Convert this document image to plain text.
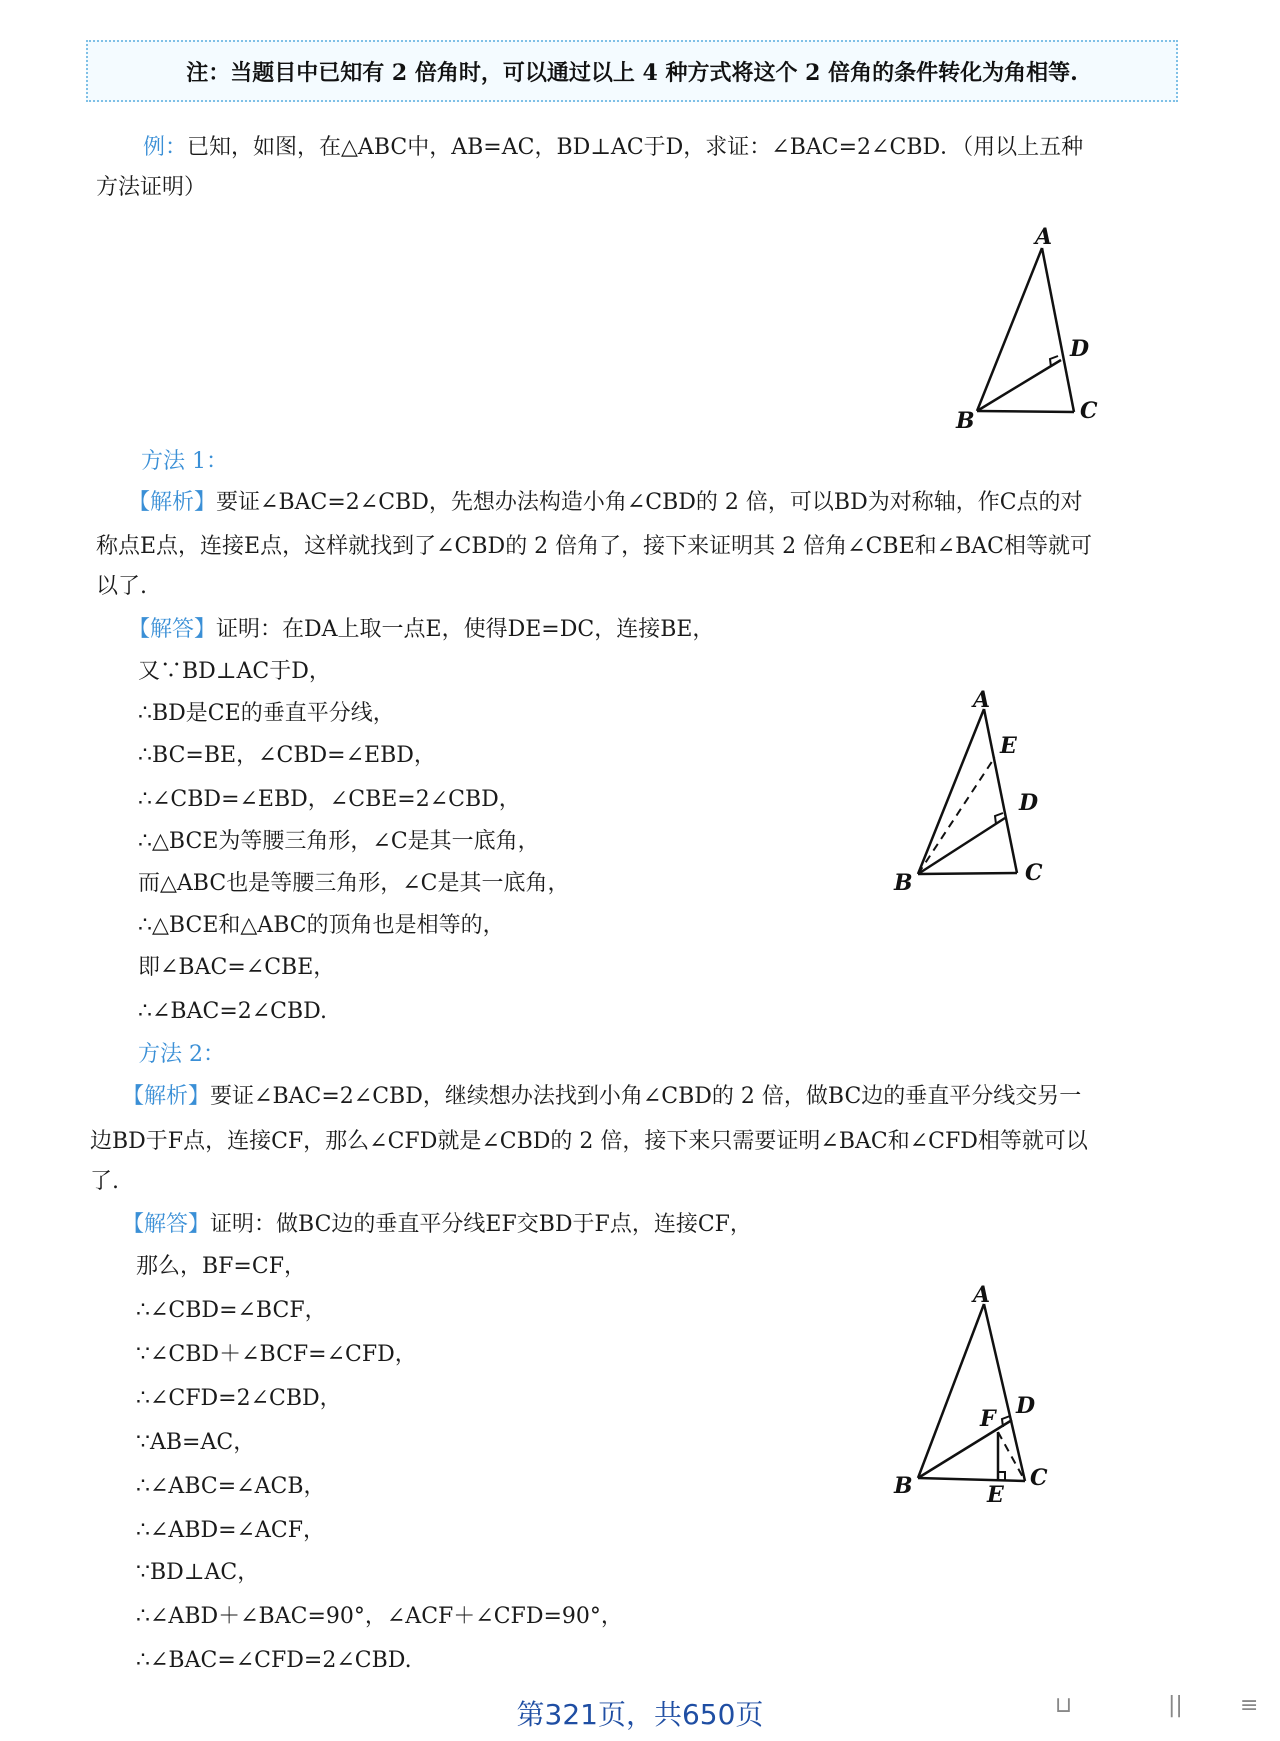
注：当题目中已知有 2 倍角时，可以通过以上 4 种方式将这个 2 倍角的条件转化为角相等.
例：已知，如图，在△ABC中，AB=AC，BD⊥AC于D，求证：∠BAC=2∠CBD．（用以上五种
方法证明）
A
B	C
D
方法 1：
【解析】要证∠BAC=2∠CBD，先想办法构造小角∠CBD的 2 倍，可以BD为对称轴，作C点的对
称点E点，连接E点，这样就找到了∠CBD的 2 倍角了，接下来证明其 2 倍角∠CBE和∠BAC相等就可
以了.
【解答】证明：在DA上取一点E，使得DE=DC，连接BE，
又∵BD⊥AC于D，
∴BD是CE的垂直平分线，
∴BC=BE，∠CBD=∠EBD，
∴∠CBD=∠EBD，∠CBE=2∠CBD，
∴△BCE为等腰三角形，∠C是其一底角，
而△ABC也是等腰三角形，∠C是其一底角，
∴△BCE和△ABC的顶角也是相等的，
即∠BAC=∠CBE，
∴∠BAC=2∠CBD.
A
B	C
D
E
方法 2：
【解析】要证∠BAC=2∠CBD，继续想办法找到小角∠CBD的 2 倍，做BC边的垂直平分线交另一
边BD于F点，连接CF，那么∠CFD就是∠CBD的 2 倍，接下来只需要证明∠BAC和∠CFD相等就可以
了.
【解答】证明：做BC边的垂直平分线EF交BD于F点，连接CF，
那么，BF=CF，
∴∠CBD=∠BCF，
∵∠CBD＋∠BCF=∠CFD，
∴∠CFD=2∠CBD，
∵AB=AC，
∴∠ABC=∠ACB，
∴∠ABD=∠ACF，
∵BD⊥AC，
∴∠ABD＋∠BAC=90°，∠ACF＋∠CFD=90°，
∴∠BAC=∠CFD=2∠CBD.
A
B	C
D
E
F
第321页，共650页	⊔	||	≡
